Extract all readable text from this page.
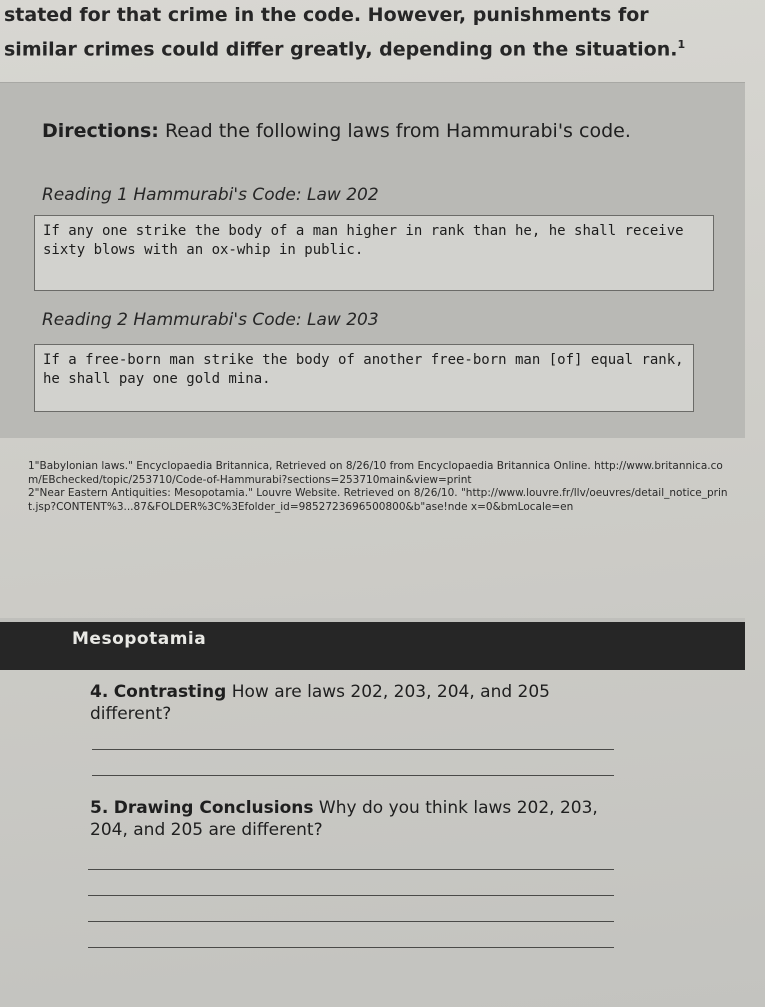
stated for that crime in the code. However, punishments for
similar crimes could differ greatly, depending on the situation.$^1$

Directions: Read the following laws from Hammurabi's code.

Reading 1 Hammurabi's Code: Law 202

If any one strike the body of a man higher in rank than he, he shall receive sixty blows with an ox-whip in public.

Reading 2 Hammurabi's Code: Law 203

If a free-born man strike the body of another free-born man [of] equal rank, he shall pay one gold mina.

1"Babylonian laws." Encyclopaedia Britannica, Retrieved on 8/26/10 from Encyclopaedia Britannica Online. http://www.britannica.com/EBchecked/topic/253710/Code-of-Hammurabi?sections=253710main&view=print

2"Near Eastern Antiquities: Mesopotamia." Louvre Website. Retrieved on 8/26/10. "http://www.louvre.fr/llv/oeuvres/detail_notice_print.jsp?CONTENT%3...87&FOLDER%3C%3Efolder_id=9852723696500800&b"ase!nde x=0&bmLocale=en

Mesopotamia

4. Contrasting How are laws 202, 203, 204, and 205 different?

5. Drawing Conclusions Why do you think laws 202, 203, 204, and 205 are different?
